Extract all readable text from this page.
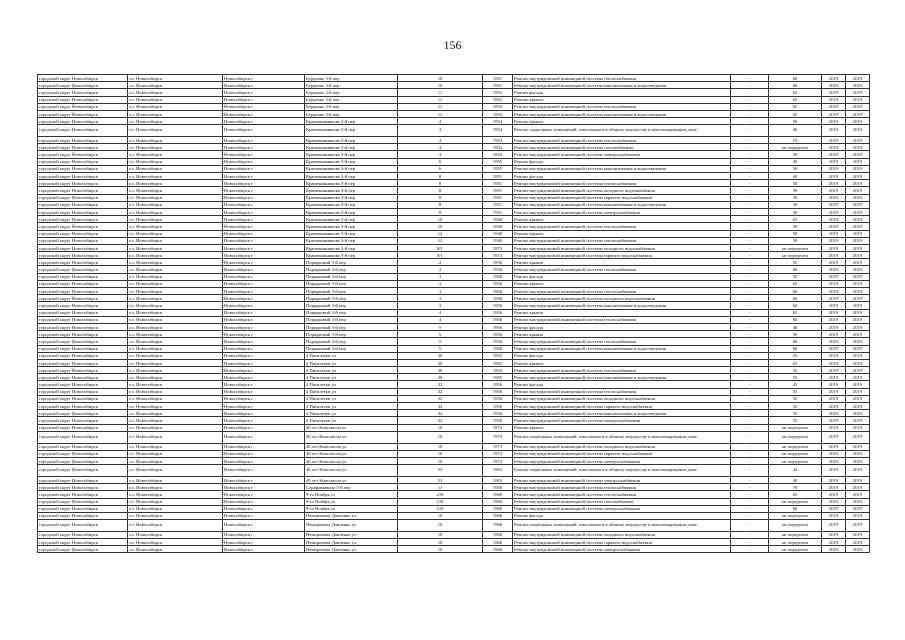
156
городской округ Новосибирск	г.о. Новосибирск	Новосибирск г	Бурденко 3-й пер	10	1951	Ремонт внутридомовой инженерной системы теплоснабжения	-	60	2019	2019
городской округ Новосибирск	г.о. Новосибирск	Новосибирск г	Бурденко 3-й пер	10	1951	Ремонт внутридомовой инженерной системы канализования и водоотведения	-	60	2019	2019
городской округ Новосибирск	г.о. Новосибирск	Новосибирск г	Бурденко 3-й пер	11	1952	Ремонт фасада	-	65	2019	2019
городской округ Новосибирск	г.о. Новосибирск	Новосибирск г	Бурденко 3-й пер	11	1952	Ремонт крыши	-	65	2019	2019
городской округ Новосибирск	г.о. Новосибирск	Новосибирск г	Бурденко 3-й пер	11	1952	Ремонт внутридомовой инженерной системы теплоснабжения	-	65	2019	2019
городской округ Новосибирск	г.о. Новосибирск	Новосибирск г	Бурденко 3-й пер	11	1952	Ремонт внутридомовой инженерной системы канализования и водоотведения	-	65	2019	2019
городской округ Новосибирск	г.о. Новосибирск	Новосибирск г	Крашенинникова 3-й пер	4	1954	Ремонт крыши	-	50	2019	2019
городской округ Новосибирск	г.о. Новосибирск	Новосибирск г	Крашенинникова 3-й пер	4	1954	Ремонт подвальных помещений, относящихся к общему имуществу в многоквартирном доме	-	46	2019	2019
городской округ Новосибирск	г.о. Новосибирск	Новосибирск г	Крашенинникова 3-й пер	4	1954	Ремонт внутридомовой инженерной системы теплоснабжения	-	10	2019	2019
городской округ Новосибирск	г.о. Новосибирск	Новосибирск г	Крашенинникова 3-й пер	4	1954	Ремонт внутридомовой инженерной системы газоснабжения	-	не определен	2019	2019
городской округ Новосибирск	г.о. Новосибирск	Новосибирск г	Крашенинникова 3-й пер	4	1954	Ремонт внутридомовой инженерной системы электроснабжения	-	50	2019	2019
городской округ Новосибирск	г.о. Новосибирск	Новосибирск г	Крашенинникова 3-й пер	6	1955	Ремонт фасада	-	45	2019	2019
городской округ Новосибирск	г.о. Новосибирск	Новосибирск г	Крашенинникова 3-й пер	6	1955	Ремонт внутридомовой инженерной системы канализования и водоотведения	-	50	2019	2019
городской округ Новосибирск	г.о. Новосибирск	Новосибирск г	Крашенинникова 3-й пер	8	1951	Ремонт фасада	-	60	2019	2019
городской округ Новосибирск	г.о. Новосибирск	Новосибирск г	Крашенинникова 3-й пер	8	1951	Ремонт внутридомовой инженерной системы теплоснабжения	-	50	2019	2019
городской округ Новосибирск	г.о. Новосибирск	Новосибирск г	Крашенинникова 3-й пер	8	1951	Ремонт внутридомовой инженерной системы холодного водоснабжения	-	50	2019	2019
городской округ Новосибирск	г.о. Новосибирск	Новосибирск г	Крашенинникова 3-й пер	8	1951	Ремонт внутридомовой инженерной системы горячего водоснабжения	-	50	2019	2019
городской округ Новосибирск	г.о. Новосибирск	Новосибирск г	Крашенинникова 3-й пер	8	1951	Ремонт внутридомовой инженерной системы канализования и водоотведения	-	50	2019	2019
городской округ Новосибирск	г.о. Новосибирск	Новосибирск г	Крашенинникова 3-й пер	8	1951	Ремонт внутридомовой инженерной системы электроснабжения	-	50	2019	2019
городской округ Новосибирск	г.о. Новосибирск	Новосибирск г	Крашенинникова 3-й пер	10	1940	Ремонт крыши	-	65	2019	2019
городской округ Новосибирск	г.о. Новосибирск	Новосибирск г	Крашенинникова 3-й пер	10	1940	Ремонт внутридомовой инженерной системы теплоснабжения	-	50	2019	2019
городской округ Новосибирск	г.о. Новосибирск	Новосибирск г	Крашенинникова 3-й пер	12	1940	Ремонт крыши	-	50	2019	2019
городской округ Новосибирск	г.о. Новосибирск	Новосибирск г	Крашенинникова 3-й пер	12	1940	Ремонт внутридомовой инженерной системы теплоснабжения	-	50	2019	2019
городской округ Новосибирск	г.о. Новосибирск	Новосибирск г	Крашенинникова 3-й пер	8/1	1973	Ремонт внутридомовой инженерной системы холодного водоснабжения	-	не определен	2019	2019
городской округ Новосибирск	г.о. Новосибирск	Новосибирск г	Крашенинникова 3-й пер	8/1	1973	Ремонт внутридомовой инженерной системы горячего водоснабжения	-	не определен	2019	2019
городской округ Новосибирск	г.о. Новосибирск	Новосибирск г	Порядковый 3-й пер	2	1956	Ремонт крыши	-	55	2019	2019
городской округ Новосибирск	г.о. Новосибирск	Новосибирск г	Порядковый 3-й пер	2	1956	Ремонт внутридомовой инженерной системы теплоснабжения	-	60	2019	2019
городской округ Новосибирск	г.о. Новосибирск	Новосибирск г	Порядковый 3-й пер	3	1956	Ремонт фасада	-	55	2019	2019
городской округ Новосибирск	г.о. Новосибирск	Новосибирск г	Порядковый 3-й пер	3	1956	Ремонт крыши	-	65	2019	2019
городской округ Новосибирск	г.о. Новосибирск	Новосибирск г	Порядковый 3-й пер	3	1956	Ремонт внутридомовой инженерной системы теплоснабжения	-	60	2019	2019
городской округ Новосибирск	г.о. Новосибирск	Новосибирск г	Порядковый 3-й пер	3	1956	Ремонт внутридомовой инженерной системы холодного водоснабжения	-	60	2019	2019
городской округ Новосибирск	г.о. Новосибирск	Новосибирск г	Порядковый 3-й пер	3	1956	Ремонт внутридомовой инженерной системы канализования и водоотведения	-	60	2019	2019
городской округ Новосибирск	г.о. Новосибирск	Новосибирск г	Порядковый 3-й пер	4	1956	Ремонт крыши	-	65	2019	2019
городской округ Новосибирск	г.о. Новосибирск	Новосибирск г	Порядковый 3-й пер	4	1956	Ремонт внутридомовой инженерной системы теплоснабжения	-	60	2019	2019
городской округ Новосибирск	г.о. Новосибирск	Новосибирск г	Порядковый 3-й пер	5	1956	Ремонт фасада	-	40	2019	2019
городской округ Новосибирск	г.о. Новосибирск	Новосибирск г	Порядковый 3-й пер	5	1956	Ремонт крыши	-	50	2019	2019
городской округ Новосибирск	г.о. Новосибирск	Новосибирск г	Порядковый 3-й пер	5	1956	Ремонт внутридомовой инженерной системы теплоснабжения	-	60	2019	2019
городской округ Новосибирск	г.о. Новосибирск	Новосибирск г	Порядковый 3-й пер	5	1956	Ремонт внутридомовой инженерной системы канализования и водоотведения	-	60	2019	2019
городской округ Новосибирск	г.о. Новосибирск	Новосибирск г	4 Пятилетки ул	30	1955	Ремонт фасада	-	55	2019	2019
городской округ Новосибирск	г.о. Новосибирск	Новосибирск г	4 Пятилетки ул	30	1955	Ремонт крыши	-	65	2019	2019
городской округ Новосибирск	г.о. Новосибирск	Новосибирск г	4 Пятилетки ул	30	1955	Ремонт внутридомовой инженерной системы теплоснабжения	-	55	2019	2019
городской округ Новосибирск	г.о. Новосибирск	Новосибирск г	4 Пятилетки ул	30	1955	Ремонт внутридомовой инженерной системы канализования и водоотведения	-	55	2019	2019
городской округ Новосибирск	г.о. Новосибирск	Новосибирск г	4 Пятилетки ул	32	1956	Ремонт фасада	-	45	2019	2019
городской округ Новосибирск	г.о. Новосибирск	Новосибирск г	4 Пятилетки ул	32	1956	Ремонт внутридомовой инженерной системы теплоснабжения	-	55	2019	2019
городской округ Новосибирск	г.о. Новосибирск	Новосибирск г	4 Пятилетки ул	32	1956	Ремонт внутридомовой инженерной системы холодного водоснабжения	-	55	2019	2019
городской округ Новосибирск	г.о. Новосибирск	Новосибирск г	4 Пятилетки ул	32	1956	Ремонт внутридомовой инженерной системы горячего водоснабжения	-	55	2019	2019
городской округ Новосибирск	г.о. Новосибирск	Новосибирск г	4 Пятилетки ул	32	1956	Ремонт внутридомовой инженерной системы канализования и водоотведения	-	55	2019	2019
городской округ Новосибирск	г.о. Новосибирск	Новосибирск г	4 Пятилетки ул	32	1956	Ремонт внутридомовой инженерной системы электроснабжения	-	55	2019	2019
городской округ Новосибирск	г.о. Новосибирск	Новосибирск г	40 лет Комсомола ул	10	1973	Ремонт крыши	-	не определен	2019	2019
городской округ Новосибирск	г.о. Новосибирск	Новосибирск г	40 лет Комсомола ул	10	1973	Ремонт подвальных помещений, относящихся к общему имуществу в многоквартирном доме	-	не определен	2019	2019
городской округ Новосибирск	г.о. Новосибирск	Новосибирск г	40 лет Комсомола ул	10	1973	Ремонт внутридомовой инженерной системы холодного водоснабжения	-	не определен	2019	2019
городской округ Новосибирск	г.о. Новосибирск	Новосибирск г	40 лет Комсомола ул	10	1973	Ремонт внутридомовой инженерной системы горячего водоснабжения	-	не определен	2019	2019
городской округ Новосибирск	г.о. Новосибирск	Новосибирск г	40 лет Комсомола ул	10	1973	Ремонт внутридомовой инженерной системы электроснабжения	-	не определен	2019	2019
городской округ Новосибирск	г.о. Новосибирск	Новосибирск г	40 лет Комсомола ул	53	1963	Ремонт подвальных помещений, относящихся к общему имуществу в многоквартирном доме	-	42	2019	2019
городской округ Новосибирск	г.о. Новосибирск	Новосибирск г	40 лет Комсомола ул	53	1963	Ремонт внутридомовой инженерной системы электроснабжения	-	40	2019	2019
городской округ Новосибирск	г.о. Новосибирск	Новосибирск г	Серафимовича 5-й пер	11	1958	Ремонт внутридомовой инженерной системы теплоснабжения	-	70	2019	2019
городской округ Новосибирск	г.о. Новосибирск	Новосибирск г	9-го Ноября ул	218	1960	Ремонт внутридомовой инженерной системы теплоснабжения	-	65	2019	2019
городской округ Новосибирск	г.о. Новосибирск	Новосибирск г	9-го Ноября ул	218	1960	Ремонт внутридомовой инженерной системы газоснабжения	-	не определен	2019	2019
городской округ Новосибирск	г.о. Новосибирск	Новосибирск г	9-го Ноября ул	218	1960	Ремонт внутридомовой инженерной системы электроснабжения	-	60	2019	2019
городской округ Новосибирск	г.о. Новосибирск	Новосибирск г	Немировича-Данченко ул	10	1966	Ремонт фасада	-	не определен	2019	2019
городской округ Новосибирск	г.о. Новосибирск	Новосибирск г	Немировича-Данченко ул	10	1966	Ремонт подвальных помещений, относящихся к общему имуществу в многоквартирном доме	-	не определен	2019	2019
городской округ Новосибирск	г.о. Новосибирск	Новосибирск г	Немировича-Данченко ул	10	1966	Ремонт внутридомовой инженерной системы холодного водоснабжения	-	не определен	2019	2019
городской округ Новосибирск	г.о. Новосибирск	Новосибирск г	Немировича-Данченко ул	10	1966	Ремонт внутридомовой инженерной системы горячего водоснабжения	-	не определен	2019	2019
городской округ Новосибирск	г.о. Новосибирск	Новосибирск г	Немировича-Данченко ул	10	1966	Ремонт внутридомовой инженерной системы электроснабжения	-	не определен	2019	2019
